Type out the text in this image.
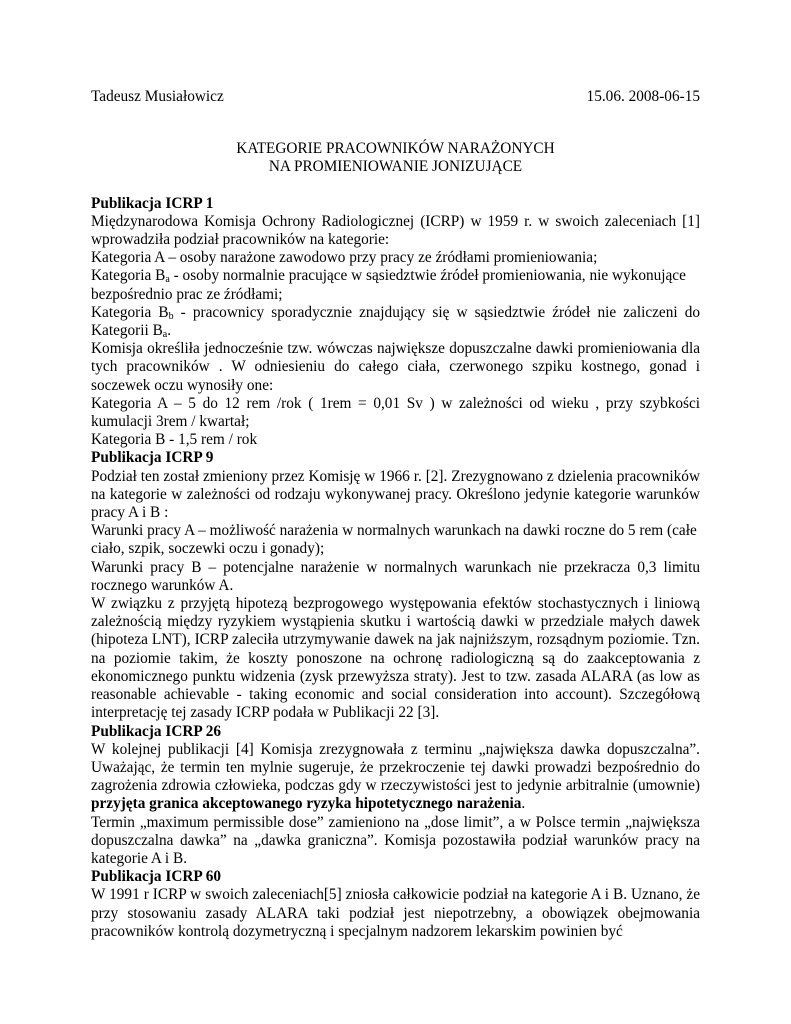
Tadeusz Musiałowicz	15.06. 2008-06-15
KATEGORIE PRACOWNIKÓW NARAŻONYCH
NA PROMIENIOWANIE JONIZUJĄCE

Publikacja ICRP 1

Międzynarodowa Komisja Ochrony Radiologicznej (ICRP) w 1959 r. w swoich zaleceniach [1] wprowadziła podział pracowników na kategorie:

Kategoria A – osoby narażone zawodowo przy pracy ze źródłami promieniowania;

Kategoria $B_a$ - osoby normalnie pracujące w sąsiedztwie źródeł promieniowania, nie wykonujące bezpośrednio prac ze źródłami;

Kategoria $B_b$ - pracownicy sporadycznie znajdujący się w sąsiedztwie źródeł nie zaliczeni do Kategorii $B_a$.

Komisja określiła jednocześnie tzw. wówczas największe dopuszczalne dawki promieniowania dla tych pracowników . W odniesieniu do całego ciała, czerwonego szpiku kostnego, gonad i soczewek oczu wynosiły one:

Kategoria A – 5 do 12 rem /rok ( 1rem = 0,01 Sv ) w zależności od wieku , przy szybkości kumulacji 3rem / kwartał;

Kategoria B - 1,5 rem / rok

Publikacja ICRP 9

Podział ten został zmieniony przez Komisję w 1966 r. [2]. Zrezygnowano z dzielenia pracowników na kategorie w zależności od rodzaju wykonywanej pracy. Określono jedynie kategorie warunków pracy A i B :

Warunki pracy A – możliwość narażenia w normalnych warunkach na dawki roczne do 5 rem (całe ciało, szpik, soczewki oczu i gonady);

Warunki pracy B – potencjalne narażenie w normalnych warunkach nie przekracza 0,3 limitu rocznego warunków A.

W związku z przyjętą hipotezą bezprogowego występowania efektów stochastycznych i liniową zależnością między ryzykiem wystąpienia skutku i wartością dawki w przedziale małych dawek (hipoteza LNT), ICRP zaleciła utrzymywanie dawek na jak najniższym, rozsądnym poziomie. Tzn. na poziomie takim, że koszty ponoszone na ochronę radiologiczną są do zaakceptowania z ekonomicznego punktu widzenia (zysk przewyższa straty). Jest to tzw. zasada ALARA (as low as reasonable achievable - taking economic and social consideration into account). Szczegółową interpretację tej zasady ICRP podała w Publikacji 22 [3].

Publikacja ICRP 26

W kolejnej publikacji [4] Komisja zrezygnowała z terminu „największa dawka dopuszczalna”. Uważając, że termin ten mylnie sugeruje, że przekroczenie tej dawki prowadzi bezpośrednio do zagrożenia zdrowia człowieka, podczas gdy w rzeczywistości jest to jedynie arbitralnie (umownie) przyjęta granica akceptowanego ryzyka hipotetycznego narażenia.

Termin „maximum permissible dose” zamieniono na „dose limit”, a w Polsce termin „największa dopuszczalna dawka” na „dawka graniczna”. Komisja pozostawiła podział warunków pracy na kategorie A i B.

Publikacja ICRP 60

W 1991 r ICRP w swoich zaleceniach[5] zniosła całkowicie podział na kategorie A i B. Uznano, że przy stosowaniu zasady ALARA taki podział jest niepotrzebny, a obowiązek obejmowania pracowników kontrolą dozymetryczną i specjalnym nadzorem lekarskim powinien być
